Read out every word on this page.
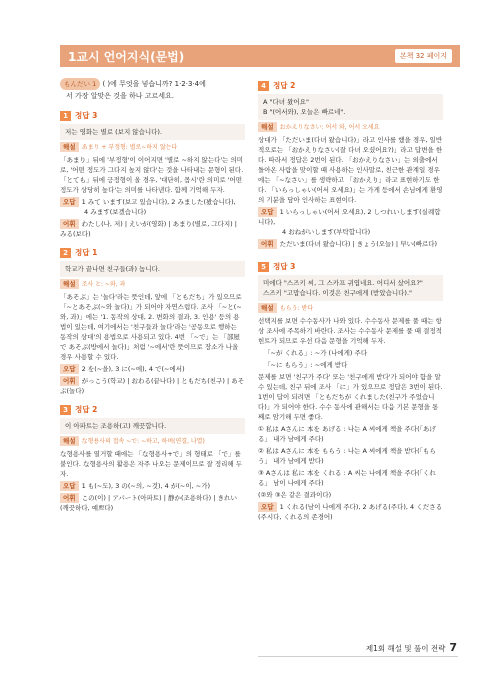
1교시 언어지식(문법)	본책 32 페이지
もんだい 1 ( )에 무엇을 넣습니까? 1·2·3·4에
서 가장 알맞은 것을 하나 고르세요.
1 정답 3
저는 영화는 별로 (보지 않습니다).
해설 あまり + 부정형: 별로~하지 않는다
「あまり」뒤에 '부정형'이 이어지면 '별로 ~하지 않는다'는 의미로, '어떤 정도가 그다지 높지 않다'는 것을 나타내는 문형이 된다. 「とても」뒤에 긍정형이 올 경우, '대단히, 몹시'란 의미로 '어떤 정도가 상당히 높다'는 의미를 나타낸다. 함께 기억해 두자.
오답 1 みて います(보고 있습니다), 2 みました(봤습니다),
4 みます(보겠습니다)
어휘 わたし(나, 저) | えいが(영화) | あまり(별로, 그다지) | みる(보다)
2 정답 1
학교가 끝나면 친구들(과) 놉니다.
해설 조사 と: ~와, 과
「あそぶ」는 '놀다'라는 뜻인데, 앞에 「ともだち」가 있으므로 「~とあそぶ(~와 놀다)」가 되어야 자연스럽다. 조사 「~と(~와, 과)」에는 '1. 동작의 상대, 2. 변화의 결과, 3. 인용' 등의 용법이 있는데, 여기에서는 '친구들과 놀다'라는 '공동으로 행하는 동작의 상대'의 용법으로 사용되고 있다. 4번 「~で」는 「部屋で あそぶ(방에서 놀다)」처럼 '~에서'란 뜻이므로 장소가 나올 경우 사용할 수 있다.
오답 2 を(~을), 3 に(~에), 4 で(~에서)
어휘 がっこう(학교) | おわる(끝나다) | ともだち(친구) | あそぶ(놀다)
3 정답 2
이 아파트는 조용하(고) 깨끗합니다.
해설 な형용사의 접속 ~で: ~하고, 하며(연결, 나열)
な형용사를 열거할 때에는 「な형용사+で」의 형태로 「で」를 붙인다. な형용사의 활용은 자주 나오는 문제이므로 잘 정리해 두자.
오답 1 も(~도), 3 の(~의, ~것), 4 が(~이, ~가)
어휘 この(이) | アパート(아파트) | 静か(조용하다) | きれい(깨끗하다, 예쁘다)
4 정답 2
A "다녀 왔어요"
B "(어서와), 오늘은 빠르네".
해설 おかえりなさい: 어서 와, 어서 오세요
상대가 「ただいま(다녀 왔습니다)」라고 인사를 했을 경우, 일반적으로는 「おかえりなさい(잘 다녀 오셨어요?)」라고 답변을 한다. 따라서 정답은 2번이 된다. 「おかえりなさい」는 외출에서 돌아온 사람을 맞이할 때 사용하는 인사말로, 친근한 관계일 경우에는 「~なさい」를 생략하고 「おかえり」라고 표현하기도 한다. 「いらっしゃい(어서 오세요)」는 가게 등에서 손님에게 환영의 기분을 담아 인사하는 표현이다.
오답 1 いらっしゃい(어서 오세요), 2 しつれいします(실례합니다),
4 おねがいします(부탁합니다)
어휘 ただいま(다녀 왔습니다) | きょう(오늘) | 早い(빠르다)
5 정답 3
미에다 "스즈키 씨, 그 스카프 귀엽네요. 어디서 샀어요?"
스즈키 "고맙습니다. 이것은 친구에게 (받았습니다)."
해설 もらう: 받다
선택지를 보면 수수동사가 나와 있다. 수수동사 문제를 풀 때는 항상 조사에 주목하기 바란다. 조사는 수수동사 문제를 풀 때 결정적 힌트가 되므로 우선 다음 문형을 기억해 두자.
「~が くれる」: ~가 (나에게) 주다
「~に もらう」: ~에게 받다
문제를 보면 '친구가 주다' 또는 '친구에게 받다'가 되어야 함을 알 수 있는데, 친구 뒤에 조사 「に」가 있으므로 정답은 3번이 된다. 1번이 답이 되려면 「ともだちが くれました(친구가 주었습니다)」가 되어야 한다. 수수 동사에 관해서는 다음 기본 문형을 통째로 암기해 두면 좋다.
① 私は Aさんに 本を あげる : 나는 A 씨에게 책을 주다(「あげる」 내가 남에게 주다)
② 私は Aさんに 本を もらう : 나는 A 씨에게 책을 받다(「もらう」 내가 남에게 받다)
③ Aさんは 私に 本を くれる : A 씨는 나에게 책을 주다(「くれる」 남이 나에게 주다)
(②와 ③은 같은 결과이다)
오답 1 くれる(남이 나에게 주다), 2 あげる(주다), 4 くださる(주시다, くれる의 존경어)
제1회 해설 및 풀이 전략 7
